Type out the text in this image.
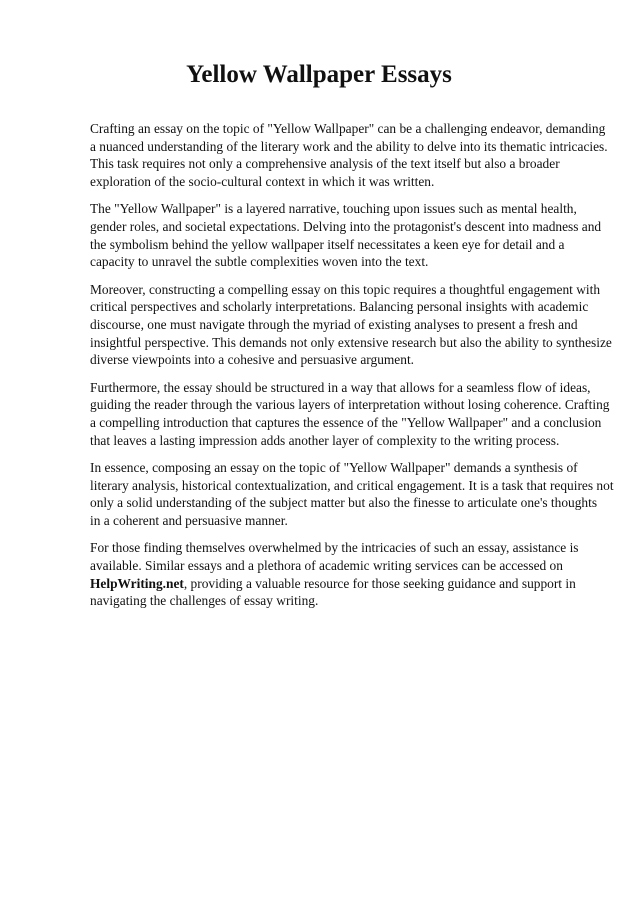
Yellow Wallpaper Essays

Crafting an essay on the topic of "Yellow Wallpaper" can be a challenging endeavor, demanding
a nuanced understanding of the literary work and the ability to delve into its thematic intricacies.
This task requires not only a comprehensive analysis of the text itself but also a broader
exploration of the socio-cultural context in which it was written.

The "Yellow Wallpaper" is a layered narrative, touching upon issues such as mental health,
gender roles, and societal expectations. Delving into the protagonist's descent into madness and
the symbolism behind the yellow wallpaper itself necessitates a keen eye for detail and a
capacity to unravel the subtle complexities woven into the text.

Moreover, constructing a compelling essay on this topic requires a thoughtful engagement with
critical perspectives and scholarly interpretations. Balancing personal insights with academic
discourse, one must navigate through the myriad of existing analyses to present a fresh and
insightful perspective. This demands not only extensive research but also the ability to synthesize
diverse viewpoints into a cohesive and persuasive argument.

Furthermore, the essay should be structured in a way that allows for a seamless flow of ideas,
guiding the reader through the various layers of interpretation without losing coherence. Crafting
a compelling introduction that captures the essence of the "Yellow Wallpaper" and a conclusion
that leaves a lasting impression adds another layer of complexity to the writing process.

In essence, composing an essay on the topic of "Yellow Wallpaper" demands a synthesis of
literary analysis, historical contextualization, and critical engagement. It is a task that requires not
only a solid understanding of the subject matter but also the finesse to articulate one's thoughts
in a coherent and persuasive manner.

For those finding themselves overwhelmed by the intricacies of such an essay, assistance is
available. Similar essays and a plethora of academic writing services can be accessed on
HelpWriting.net, providing a valuable resource for those seeking guidance and support in
navigating the challenges of essay writing.
